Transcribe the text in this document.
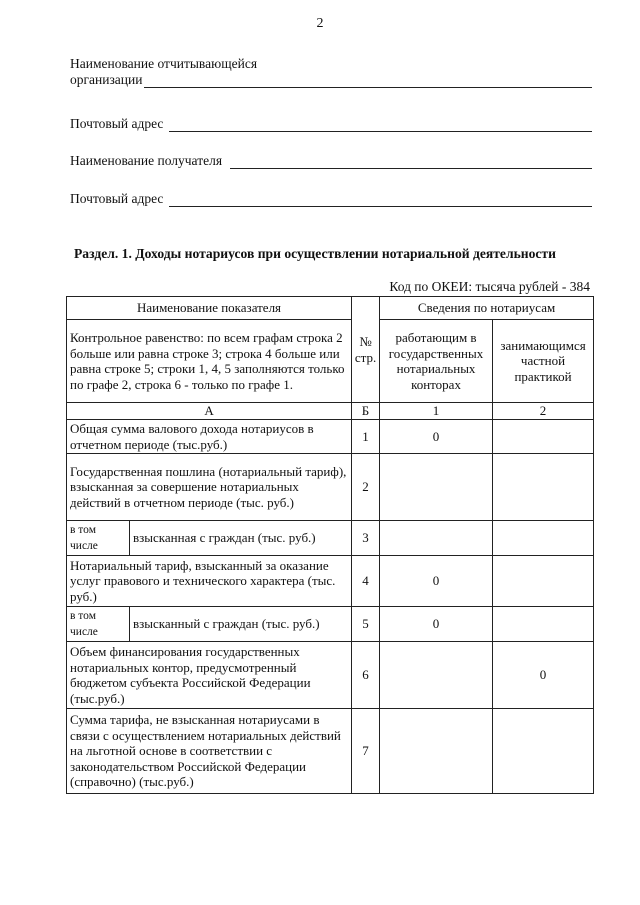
2
Наименование отчитывающейся
организации
Почтовый адрес
Наименование получателя
Почтовый адрес
Раздел. 1. Доходы нотариусов при осуществлении нотариальной деятельности
Код по ОКЕИ: тысяча рублей - 384
Наименование показателя		№ стр.	Сведения по нотариусам	
Контрольное равенство: по всем графам строка 2 больше или равна строке 3; строка 4 больше или равна строке 5; строки 1, 4, 5 заполняются только по графе 2, строка 6 - только по графе 1.			работающим в государственных нотариальных конторах	занимающимся частной практикой
А		Б	1	2
Общая сумма валового дохода нотариусов в отчетном периоде (тыс.руб.)		1	0	
Государственная пошлина (нотариальный тариф), взысканная за совершение нотариальных действий в отчетном периоде (тыс. руб.)		2		
в том числе	взысканная с граждан (тыс. руб.)	3		
Нотариальный тариф, взысканный за оказание услуг правового и технического характера (тыс. руб.)		4	0	
в том числе	взысканный с граждан (тыс. руб.)	5	0	
Объем финансирования государственных нотариальных контор, предусмотренный бюджетом субъекта Российской Федерации (тыс.руб.)		6		0
Сумма тарифа, не взысканная нотариусами в связи с осуществлением нотариальных действий на льготной основе в соответствии с законодательством Российской Федерации (справочно) (тыс.руб.)		7		
